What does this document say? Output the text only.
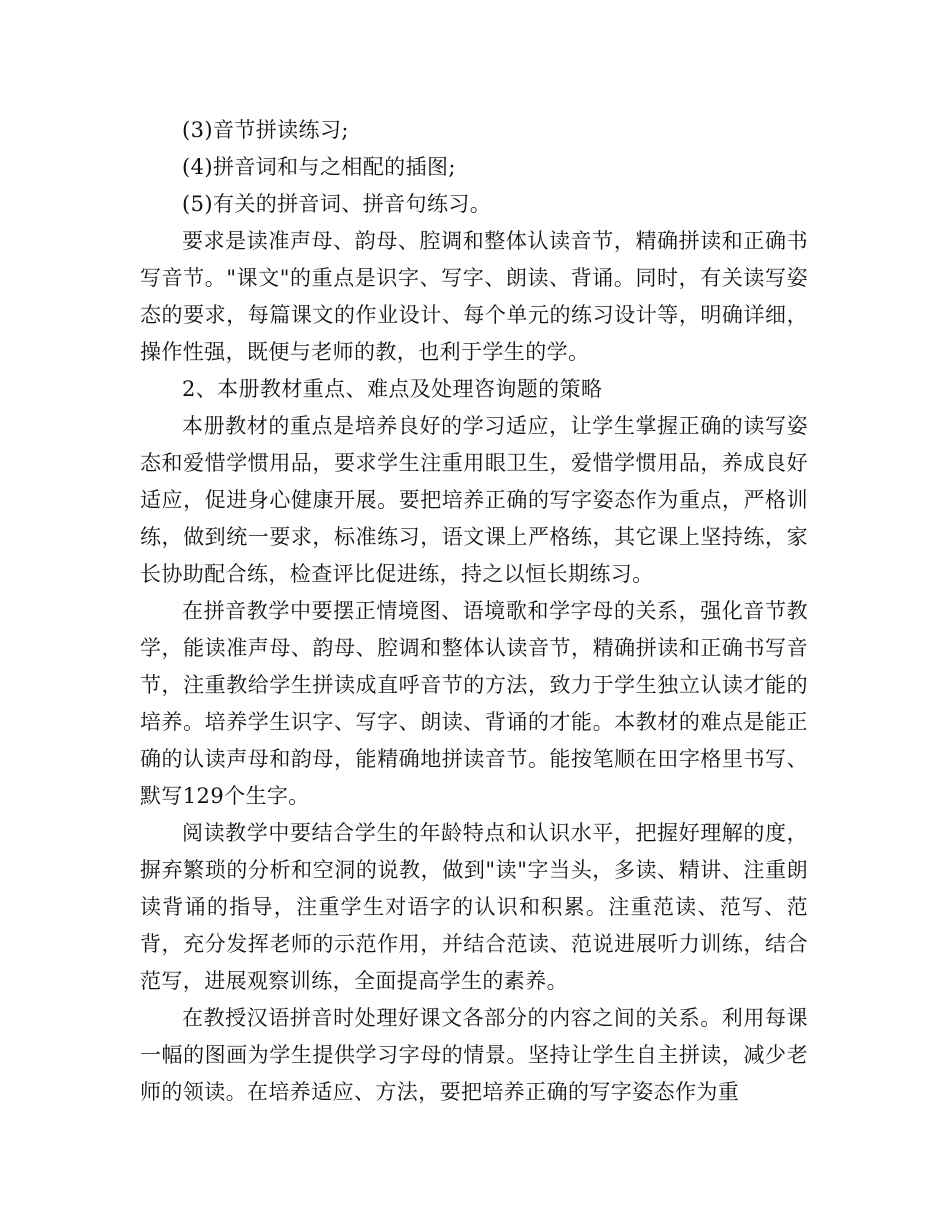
(3)音节拼读练习;

(4)拼音词和与之相配的插图;

(5)有关的拼音词、拼音句练习。

要求是读准声母、韵母、腔调和整体认读音节，精确拼读和正确书写音节。"课文"的重点是识字、写字、朗读、背诵。同时，有关读写姿态的要求，每篇课文的作业设计、每个单元的练习设计等，明确详细，操作性强，既便与老师的教，也利于学生的学。

2、本册教材重点、难点及处理咨询题的策略

本册教材的重点是培养良好的学习适应，让学生掌握正确的读写姿态和爱惜学惯用品，要求学生注重用眼卫生，爱惜学惯用品，养成良好适应，促进身心健康开展。要把培养正确的写字姿态作为重点，严格训练，做到统一要求，标准练习，语文课上严格练，其它课上坚持练，家长协助配合练，检查评比促进练，持之以恒长期练习。

在拼音教学中要摆正情境图、语境歌和学字母的关系，强化音节教学，能读准声母、韵母、腔调和整体认读音节，精确拼读和正确书写音节，注重教给学生拼读成直呼音节的方法，致力于学生独立认读才能的培养。培养学生识字、写字、朗读、背诵的才能。本教材的难点是能正确的认读声母和韵母，能精确地拼读音节。能按笔顺在田字格里书写、默写129个生字。

阅读教学中要结合学生的年龄特点和认识水平，把握好理解的度，摒弃繁琐的分析和空洞的说教，做到"读"字当头，多读、精讲、注重朗读背诵的指导，注重学生对语字的认识和积累。注重范读、范写、范背，充分发挥老师的示范作用，并结合范读、范说进展听力训练，结合范写，进展观察训练，全面提高学生的素养。

在教授汉语拼音时处理好课文各部分的内容之间的关系。利用每课一幅的图画为学生提供学习字母的情景。坚持让学生自主拼读，减少老师的领读。在培养适应、方法，要把培养正确的写字姿态作为重
